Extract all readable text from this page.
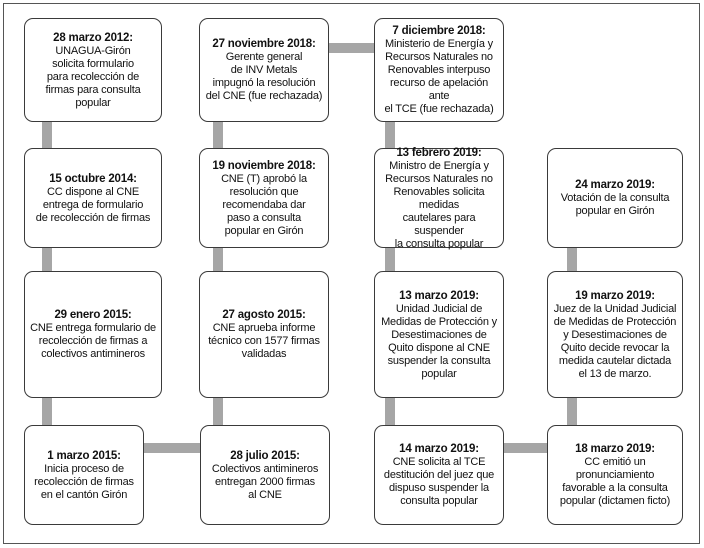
28 marzo 2012:
UNAGUA-Girón
solicita formulario
para recolección de
firmas para consulta
popular
27 noviembre 2018:
Gerente general
de INV Metals
impugnó la resolución
del CNE (fue rechazada)
7 diciembre 2018:
Ministerio de Energía y
Recursos Naturales no
Renovables interpuso
recurso de apelación ante
el TCE (fue rechazada)
15 octubre 2014:
CC dispone al CNE
entrega de formulario
de recolección de firmas
19 noviembre 2018:
CNE (T) aprobó la
resolución que
recomendaba dar
paso a consulta
popular en Girón
13 febrero 2019:
Ministro de Energía y
Recursos Naturales no
Renovables solicita medidas
cautelares para suspender
la consulta popular
24 marzo 2019:
Votación de la consulta
popular en Girón
29 enero 2015:
CNE entrega formulario de
recolección de firmas a
colectivos antimineros
27 agosto 2015:
CNE aprueba informe
técnico con 1577 firmas
validadas
13 marzo 2019:
Unidad Judicial de
Medidas de Protección y
Desestimaciones de
Quito dispone al CNE
suspender la consulta
popular
19 marzo 2019:
Juez de la Unidad Judicial
de Medidas de Protección
y Desestimaciones de
Quito decide revocar la
medida cautelar dictada
el 13 de marzo.
1 marzo 2015:
Inicia proceso de
recolección de firmas
en el cantón Girón
28 julio 2015:
Colectivos antimineros
entregan 2000 firmas
al CNE
14 marzo 2019:
CNE solicita al TCE
destitución del juez que
dispuso suspender la
consulta popular
18 marzo 2019:
CC emitió un
pronunciamiento
favorable a la consulta
popular (dictamen ficto)
